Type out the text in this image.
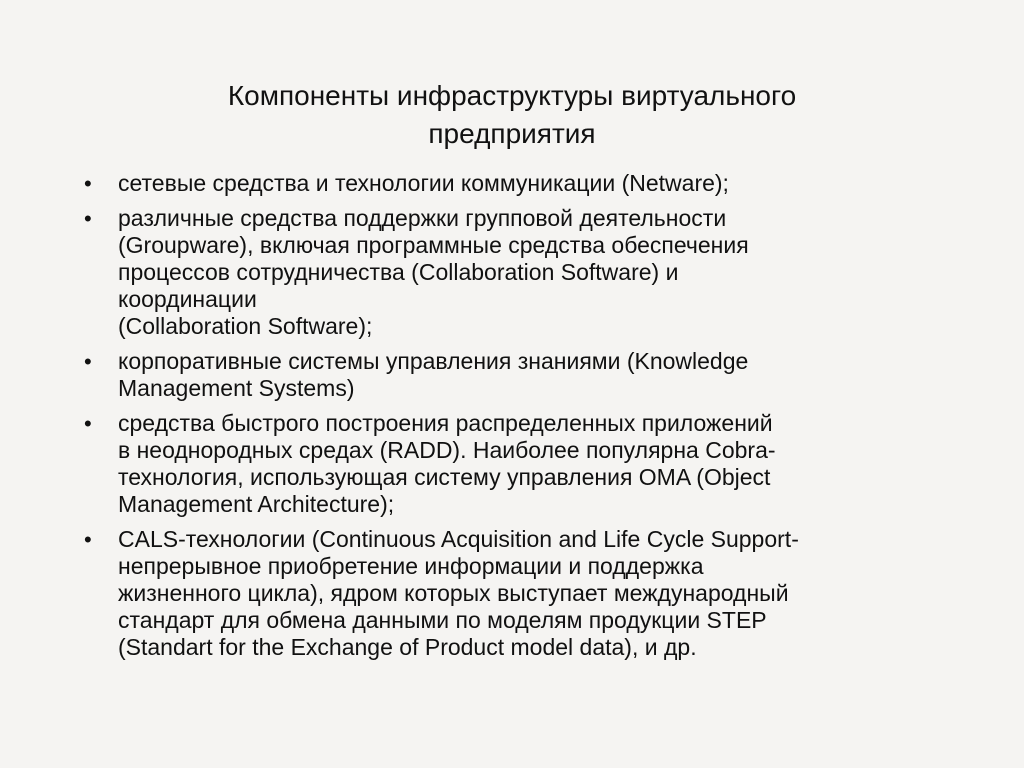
Компоненты инфраструктуры виртуального
предприятия
• сетевые средства и технологии коммуникации (Netware);
• различные средства поддержки групповой деятельности
(Groupware), включая программные средства обеспечения
процессов сотрудничества (Collaboration Software) и
координации
(Collaboration Software);
• корпоративные системы управления знаниями (Knowledge
Management Systems)
• средства быстрого построения распределенных приложений
в неоднородных средах (RADD). Наиболее популярна Cobra-
технология, использующая систему управления OMA (Object
Management Architecture);
• CALS-технологии (Continuous Acquisition and Life Cycle Support-
непрерывное приобретение информации и поддержка
жизненного цикла), ядром которых выступает международный
стандарт для обмена данными по моделям продукции STEP
(Standart for the Exchange of Product model data), и др.
